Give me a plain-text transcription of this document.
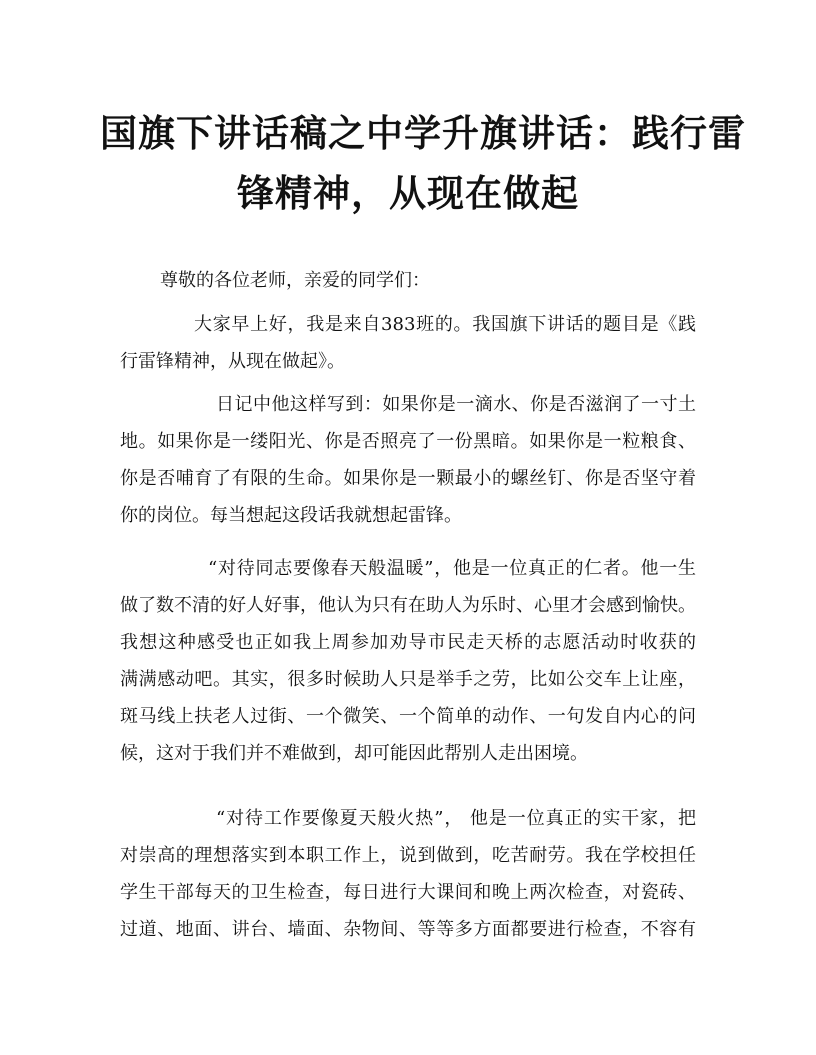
国旗下讲话稿之中学升旗讲话：践行雷
锋精神，从现在做起
尊敬的各位老师，亲爱的同学们：
大家早上好，我是来自383班的。我国旗下讲话的题目是《践
行雷锋精神，从现在做起》。
日记中他这样写到：如果你是一滴水、你是否滋润了一寸土
地。如果你是一缕阳光、你是否照亮了一份黑暗。如果你是一粒粮食、
你是否哺育了有限的生命。如果你是一颗最小的螺丝钉、你是否坚守着
你的岗位。每当想起这段话我就想起雷锋。
“对待同志要像春天般温暖”，他是一位真正的仁者。他一生
做了数不清的好人好事，他认为只有在助人为乐时、心里才会感到愉快。
我想这种感受也正如我上周参加劝导市民走天桥的志愿活动时收获的
满满感动吧。其实，很多时候助人只是举手之劳，比如公交车上让座，
斑马线上扶老人过街、一个微笑、一个简单的动作、一句发自内心的问
候，这对于我们并不难做到，却可能因此帮别人走出困境。
“对待工作要像夏天般火热”， 他是一位真正的实干家，把
对崇高的理想落实到本职工作上，说到做到，吃苦耐劳。我在学校担任
学生干部每天的卫生检查，每日进行大课间和晚上两次检查，对瓷砖、
过道、地面、讲台、墙面、杂物间、等等多方面都要进行检查，不容有
